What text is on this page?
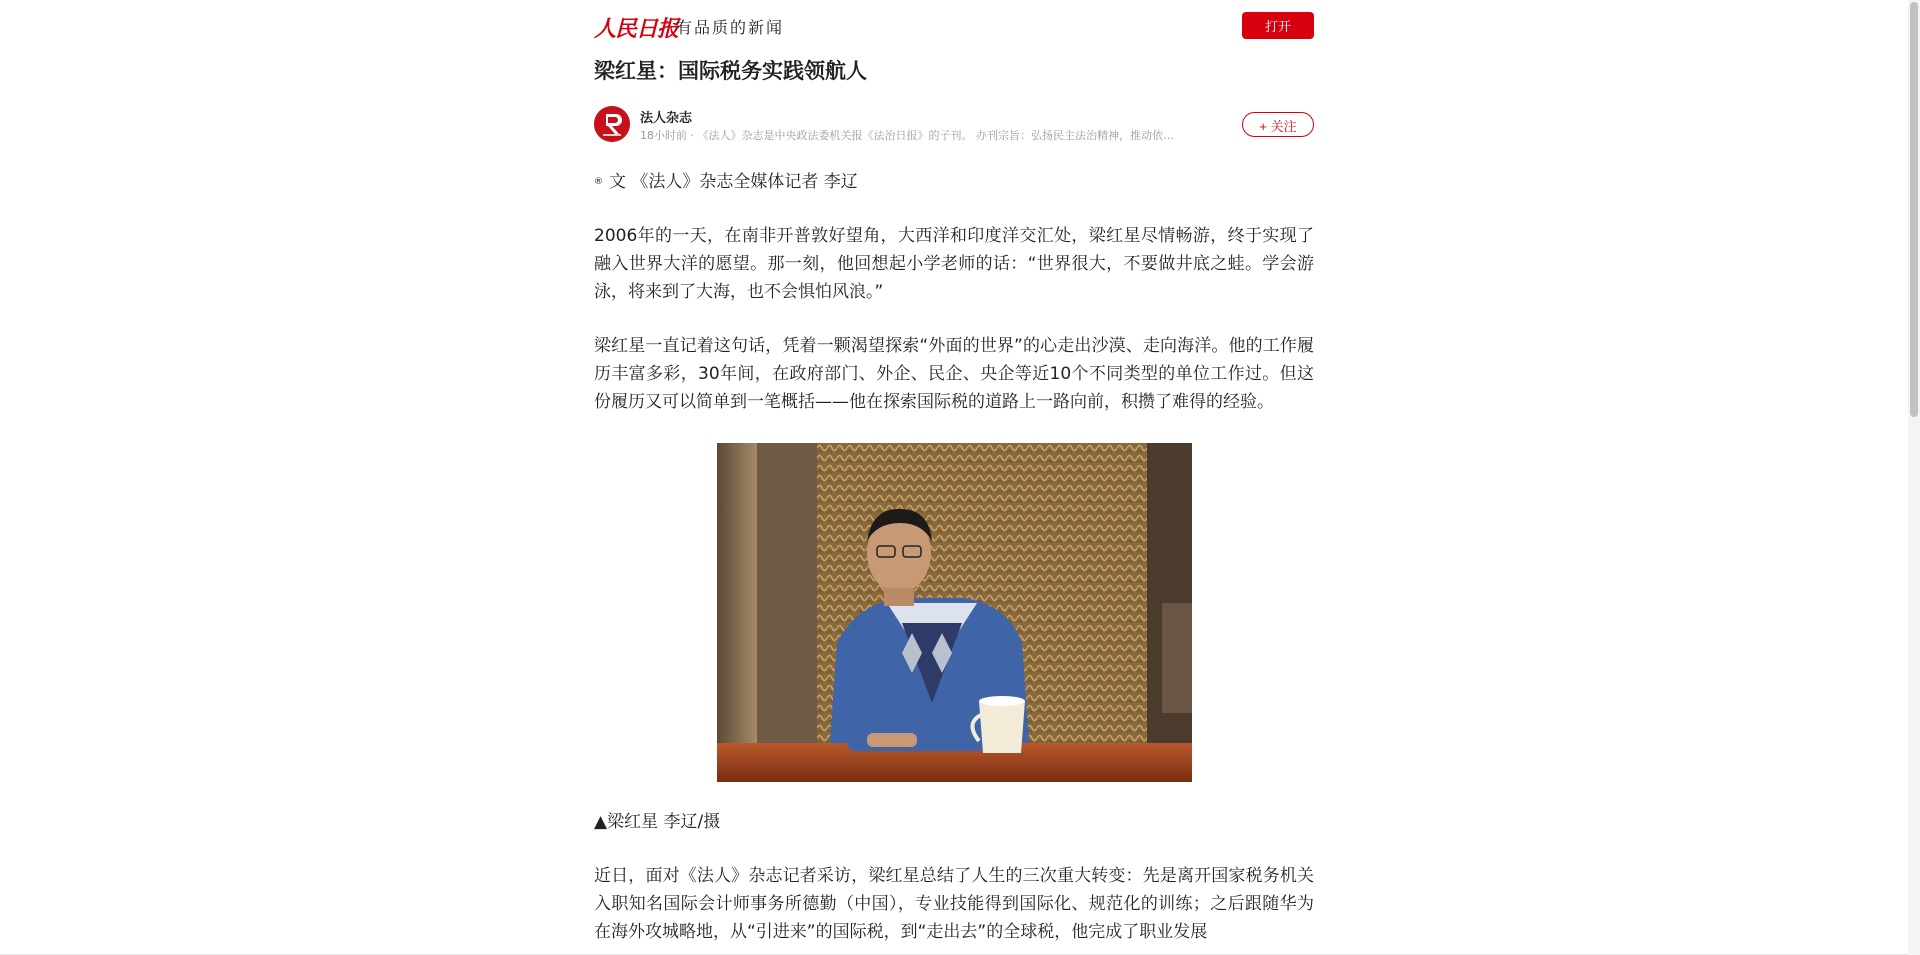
人民日报
有品质的新闻	打开
梁红星：国际税务实践领航人
法人杂志
18小时前 · 《法人》杂志是中央政法委机关报《法治日报》的子刊。 办刊宗旨：弘扬民主法治精神，推动依…
+ 关注
® 文 《法人》杂志全媒体记者 李辽

2006年的一天，在南非开普敦好望角，大西洋和印度洋交汇处，梁红星尽情畅游，终于实现了融入世界大洋的愿望。那一刻，他回想起小学老师的话：“世界很大，不要做井底之蛙。学会游泳，将来到了大海，也不会惧怕风浪。”

梁红星一直记着这句话，凭着一颗渴望探索“外面的世界”的心走出沙漠、走向海洋。他的工作履历丰富多彩，30年间，在政府部门、外企、民企、央企等近10个不同类型的单位工作过。但这份履历又可以简单到一笔概括——他在探索国际税的道路上一路向前，积攒了难得的经验。

▲梁红星 李辽/摄

近日，面对《法人》杂志记者采访，梁红星总结了人生的三次重大转变：先是离开国家税务机关入职知名国际会计师事务所德勤（中国），专业技能得到国际化、规范化的训练；之后跟随华为在海外攻城略地，从“引进来”的国际税，到“走出去”的全球税，他完成了职业发展
